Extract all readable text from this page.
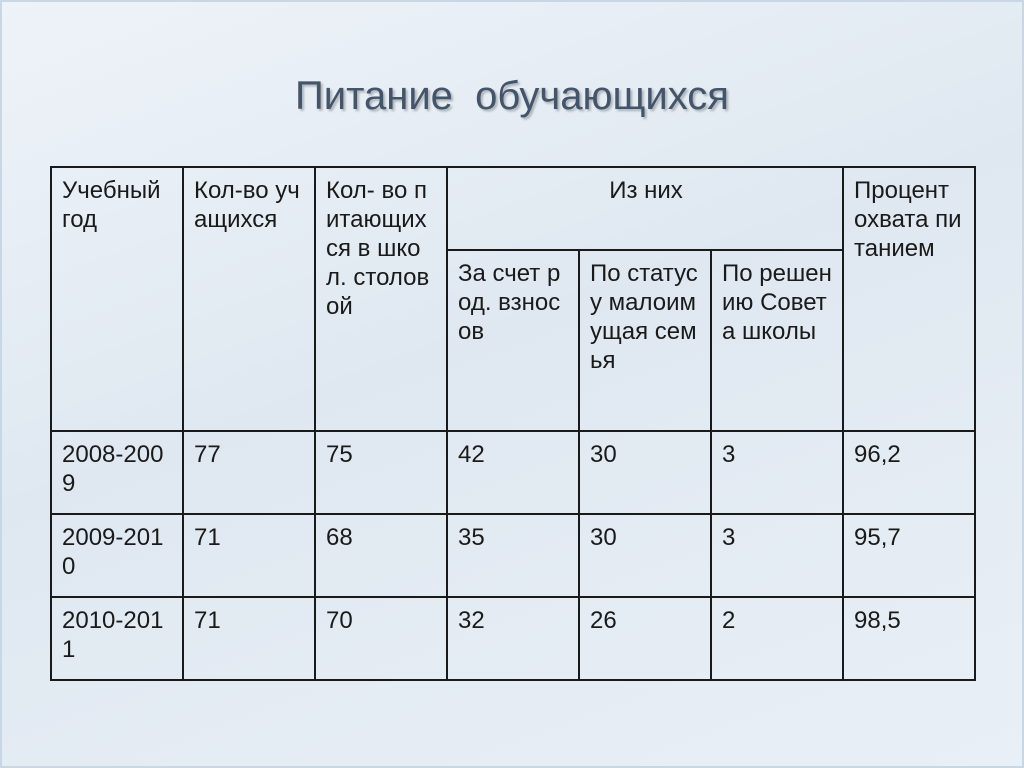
Питание  обучающихся
Учебный год	Кол-во учащихся	Кол- во питающихся в школ. столовой	Из них			Процент охвата питанием
			За счет род. взносов	По статусу малоимущая семья	По решению Совета школы	
2008-2009	77	75	42	30	3	96,2
2009-2010	71	68	35	30	3	95,7
2010-2011	71	70	32	26	2	98,5
